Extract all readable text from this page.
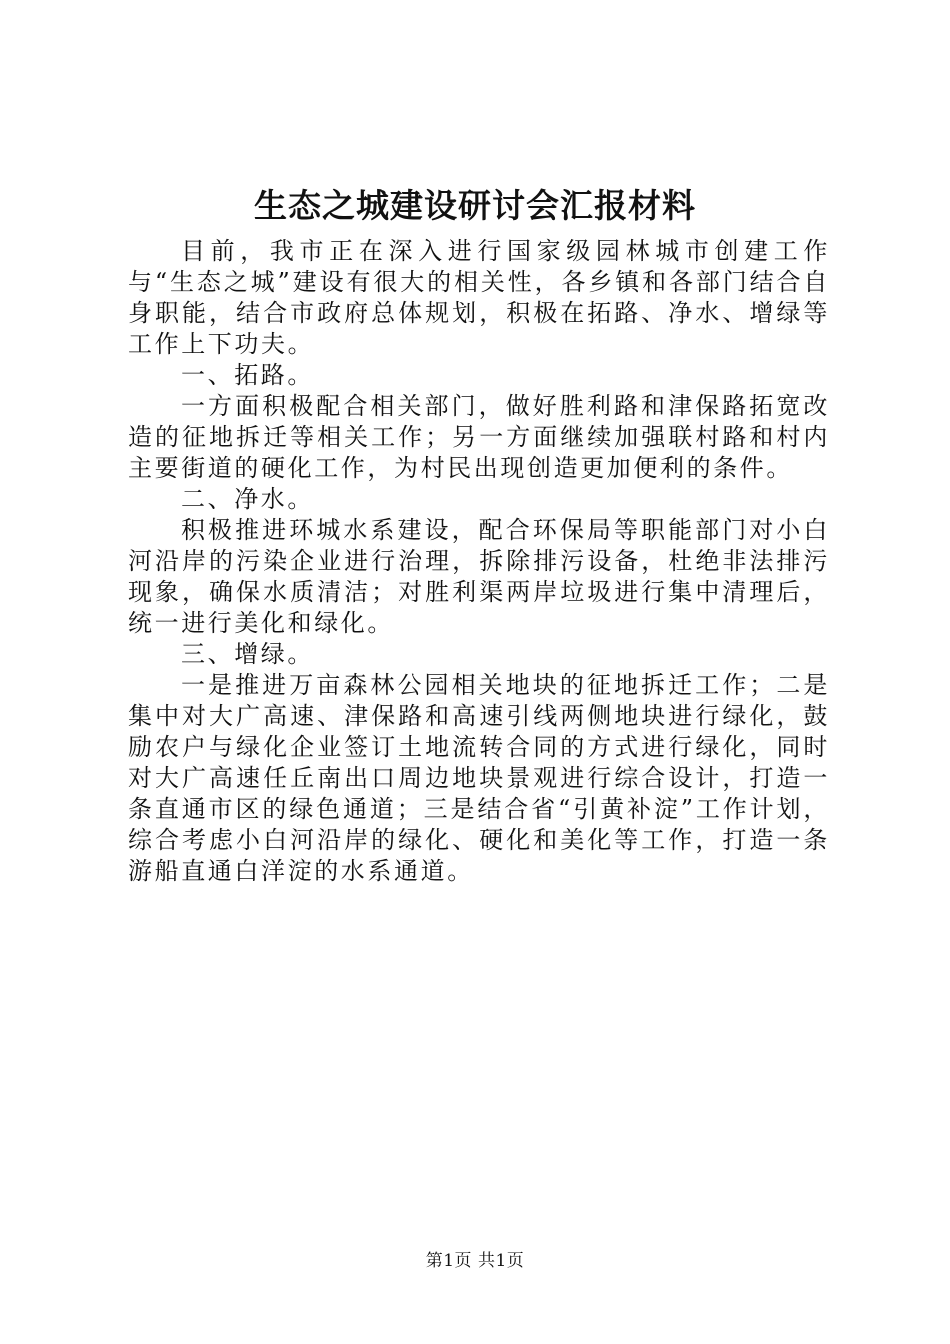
生态之城建设研讨会汇报材料

目前，我市正在深入进行国家级园林城市创建工作与“生态之城”建设有很大的相关性，各乡镇和各部门结合自身职能，结合市政府总体规划，积极在拓路、净水、增绿等工作上下功夫。

一、拓路。

一方面积极配合相关部门，做好胜利路和津保路拓宽改造的征地拆迁等相关工作；另一方面继续加强联村路和村内主要街道的硬化工作，为村民出现创造更加便利的条件。

二、净水。

积极推进环城水系建设，配合环保局等职能部门对小白河沿岸的污染企业进行治理，拆除排污设备，杜绝非法排污现象，确保水质清洁；对胜利渠两岸垃圾进行集中清理后，统一进行美化和绿化。

三、增绿。

一是推进万亩森林公园相关地块的征地拆迁工作；二是集中对大广高速、津保路和高速引线两侧地块进行绿化，鼓励农户与绿化企业签订土地流转合同的方式进行绿化，同时对大广高速任丘南出口周边地块景观进行综合设计，打造一条直通市区的绿色通道；三是结合省“引黄补淀”工作计划，综合考虑小白河沿岸的绿化、硬化和美化等工作，打造一条游船直通白洋淀的水系通道。

第1页 共1页
